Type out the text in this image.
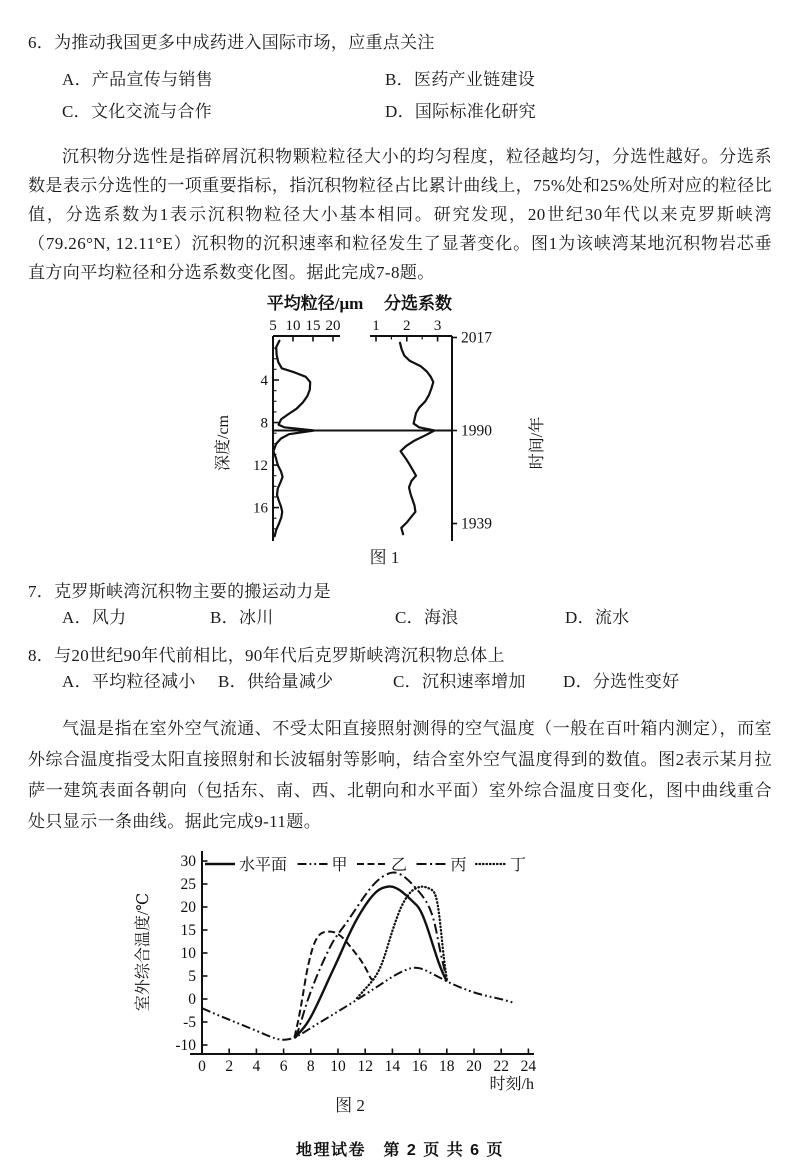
6．为推动我国更多中成药进入国际市场，应重点关注
A．产品宣传与销售	B．医药产业链建设
C．文化交流与合作	D．国际标准化研究
沉积物分选性是指碎屑沉积物颗粒粒径大小的均匀程度，粒径越均匀，分选性越好。分选系数是表示分选性的一项重要指标，指沉积物粒径占比累计曲线上，75%处和25%处所对应的粒径比值，分选系数为1表示沉积物粒径大小基本相同。研究发现，20世纪30年代以来克罗斯峡湾（79.26°N, 12.11°E）沉积物的沉积速率和粒径发生了显著变化。图1为该峡湾某地沉积物岩芯垂直方向平均粒径和分选系数变化图。据此完成7-8题。
平均粒径/μm 分选系数
5 10 15 20 1 2 3
4
8
12
16
2017
1990
1939
深度/cm	时间/年
图 1
7．克罗斯峡湾沉积物主要的搬运动力是
A．风力	B．冰川	C．海浪	D．流水
8．与20世纪90年代前相比，90年代后克罗斯峡湾沉积物总体上
A．平均粒径减小	B．供给量减少	C．沉积速率增加	D．分选性变好
气温是指在室外空气流通、不受太阳直接照射测得的空气温度（一般在百叶箱内测定），而室外综合温度指受太阳直接照射和长波辐射等影响，结合室外空气温度得到的数值。图2表示某月拉萨一建筑表面各朝向（包括东、南、西、北朝向和水平面）室外综合温度日变化，图中曲线重合处只显示一条曲线。据此完成9-11题。
0 2 4 6 8 10 12 14 16 18 20 22 24
-10
-5
0
5
10
15
20
25
30
时刻/h
室外综合温度/℃
水平面	甲	乙	丙	丁
图 2
地理试卷　第 2 页 共 6 页
